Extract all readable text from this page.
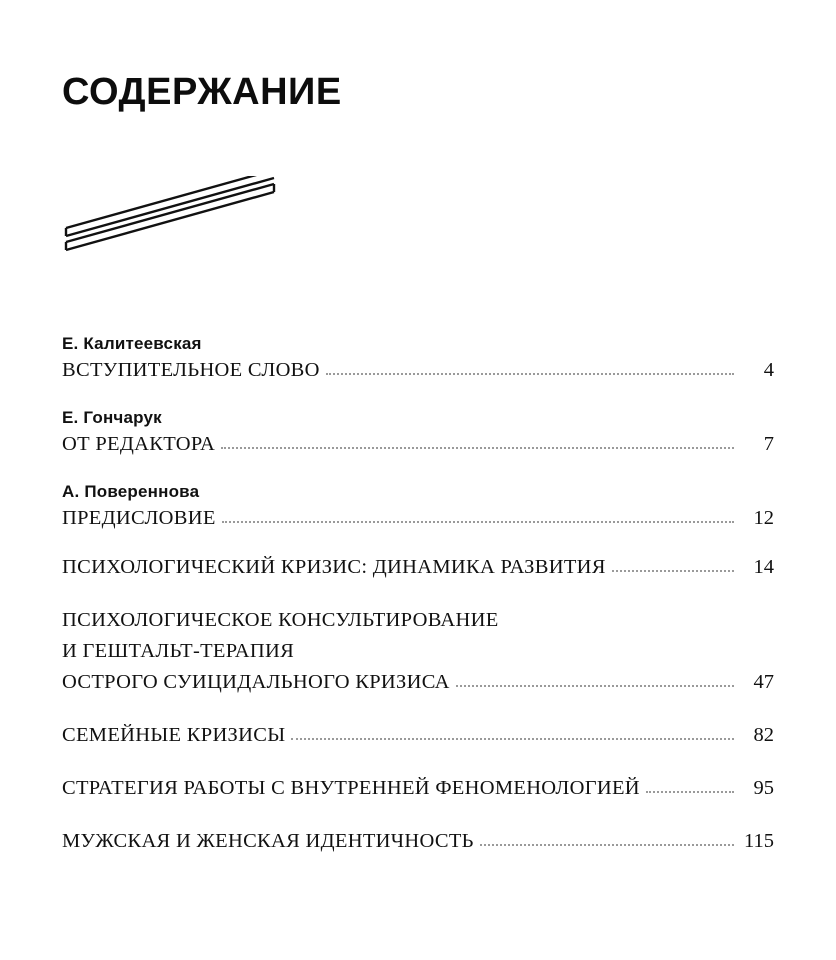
СОДЕРЖАНИЕ
Е. Калитеевская
ВСТУПИТЕЛЬНОЕ СЛОВО	4
Е. Гончарук
ОТ РЕДАКТОРА	7
А. Повереннова
ПРЕДИСЛОВИЕ	12
ПСИХОЛОГИЧЕСКИЙ КРИЗИС: ДИНАМИКА РАЗВИТИЯ	14
ПСИХОЛОГИЧЕСКОЕ КОНСУЛЬТИРОВАНИЕ
И ГЕШТАЛЬТ-ТЕРАПИЯ
ОСТРОГО СУИЦИДАЛЬНОГО КРИЗИСА	47
СЕМЕЙНЫЕ КРИЗИСЫ	82
СТРАТЕГИЯ РАБОТЫ С ВНУТРЕННЕЙ ФЕНОМЕНОЛОГИЕЙ	95
МУЖСКАЯ И ЖЕНСКАЯ ИДЕНТИЧНОСТЬ	115
